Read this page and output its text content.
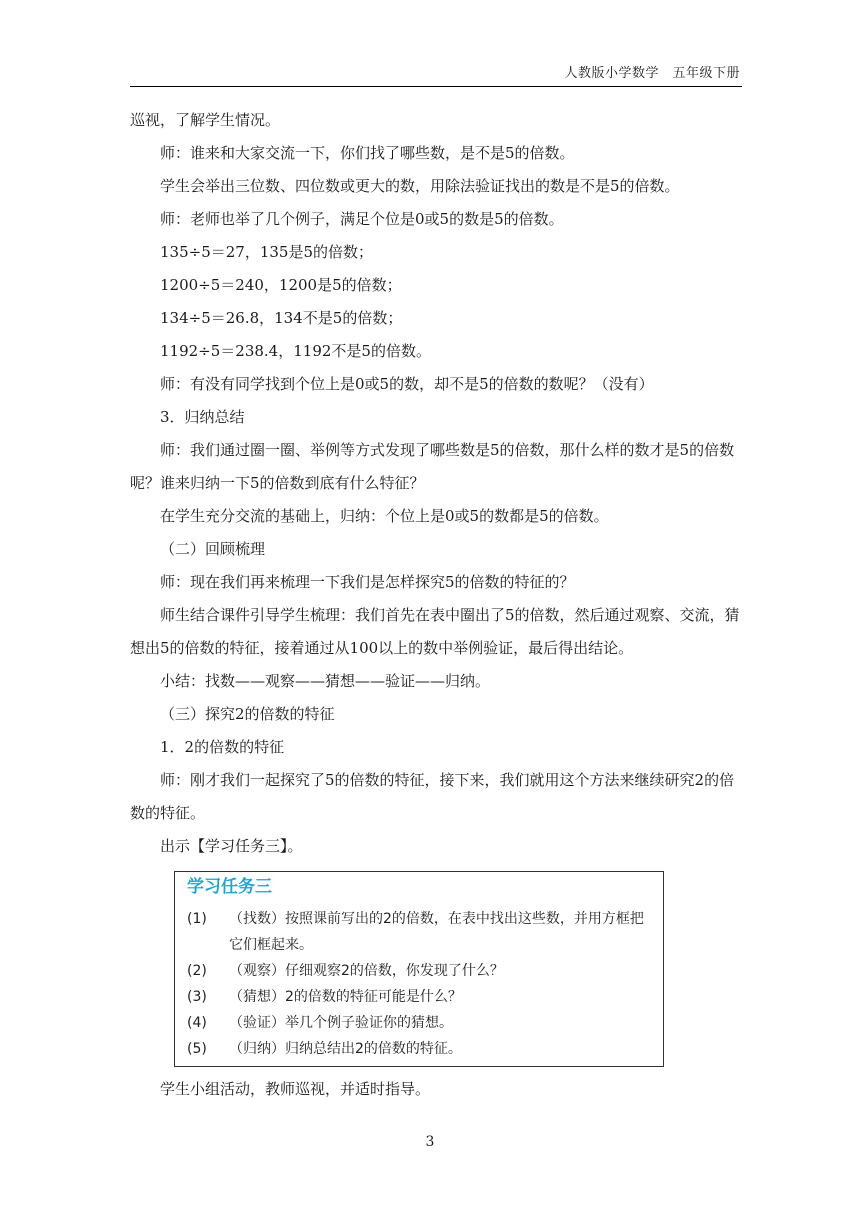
人教版小学数学　五年级下册

巡视，了解学生情况。

师：谁来和大家交流一下，你们找了哪些数，是不是5的倍数。

学生会举出三位数、四位数或更大的数，用除法验证找出的数是不是5的倍数。

师：老师也举了几个例子，满足个位是0或5的数是5的倍数。

135÷5＝27，135是5的倍数；

1200÷5＝240，1200是5的倍数；

134÷5＝26.8，134不是5的倍数；

1192÷5＝238.4，1192不是5的倍数。

师：有没有同学找到个位上是0或5的数，却不是5的倍数的数呢？（没有）

3．归纳总结

师：我们通过圈一圈、举例等方式发现了哪些数是5的倍数，那什么样的数才是5的倍数呢？谁来归纳一下5的倍数到底有什么特征？

在学生充分交流的基础上，归纳：个位上是0或5的数都是5的倍数。

（二）回顾梳理

师：现在我们再来梳理一下我们是怎样探究5的倍数的特征的？

师生结合课件引导学生梳理：我们首先在表中圈出了5的倍数，然后通过观察、交流，猜想出5的倍数的特征，接着通过从100以上的数中举例验证，最后得出结论。

小结：找数——观察——猜想——验证——归纳。

（三）探究2的倍数的特征

1．2的倍数的特征

师：刚才我们一起探究了5的倍数的特征，接下来，我们就用这个方法来继续研究2的倍数的特征。

出示【学习任务三】。

学习任务三
(1)	（找数）按照课前写出的2的倍数，在表中找出这些数，并用方框把它们框起来。
(2)	（观察）仔细观察2的倍数，你发现了什么？
(3)	（猜想）2的倍数的特征可能是什么？
(4)	（验证）举几个例子验证你的猜想。
(5)	（归纳）归纳总结出2的倍数的特征。

学生小组活动，教师巡视，并适时指导。

3
